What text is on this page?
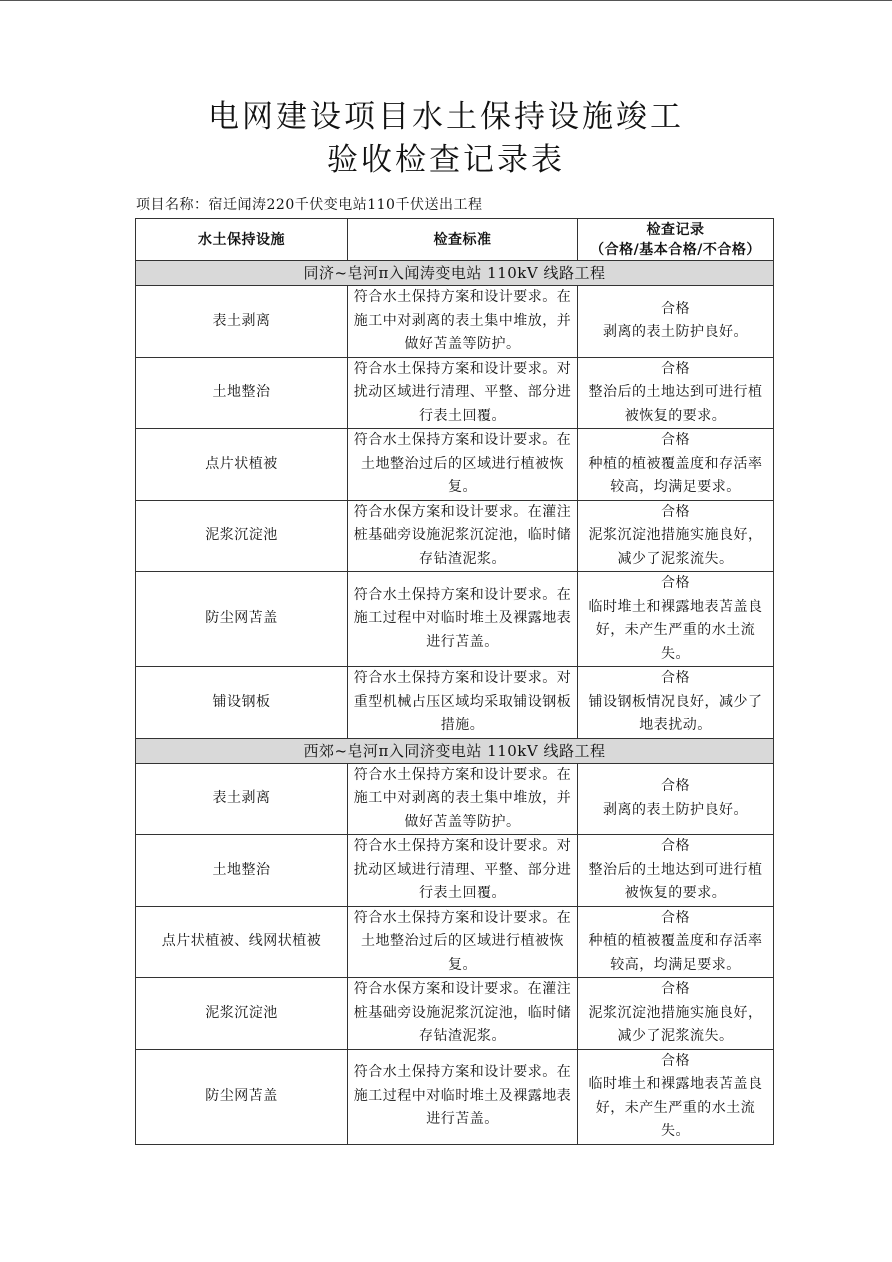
电网建设项目水土保持设施竣工
验收检查记录表
项目名称：宿迁闻涛220千伏变电站110千伏送出工程
水土保持设施	检查标准	检查记录
（合格/基本合格/不合格）

同济~皂河π入闻涛变电站 110kV 线路工程		
表土剥离	符合水土保持方案和设计要求。在施工中对剥离的表土集中堆放，并做好苫盖等防护。	合格
剥离的表土防护良好。
土地整治	符合水土保持方案和设计要求。对扰动区域进行清理、平整、部分进行表土回覆。	合格
整治后的土地达到可进行植被恢复的要求。
点片状植被	符合水土保持方案和设计要求。在土地整治过后的区域进行植被恢复。	合格
种植的植被覆盖度和存活率较高，均满足要求。
泥浆沉淀池	符合水保方案和设计要求。在灌注桩基础旁设施泥浆沉淀池，临时储存钻渣泥浆。	合格
泥浆沉淀池措施实施良好，减少了泥浆流失。
防尘网苫盖	符合水土保持方案和设计要求。在施工过程中对临时堆土及裸露地表进行苫盖。	合格
临时堆土和裸露地表苫盖良好，未产生严重的水土流失。
铺设钢板	符合水土保持方案和设计要求。对重型机械占压区域均采取铺设钢板措施。	合格
铺设钢板情况良好，减少了地表扰动。
西郊~皂河π入同济变电站 110kV 线路工程		
表土剥离	符合水土保持方案和设计要求。在施工中对剥离的表土集中堆放，并做好苫盖等防护。	合格
剥离的表土防护良好。
土地整治	符合水土保持方案和设计要求。对扰动区域进行清理、平整、部分进行表土回覆。	合格
整治后的土地达到可进行植被恢复的要求。
点片状植被、线网状植被	符合水土保持方案和设计要求。在土地整治过后的区域进行植被恢复。	合格
种植的植被覆盖度和存活率较高，均满足要求。
泥浆沉淀池	符合水保方案和设计要求。在灌注桩基础旁设施泥浆沉淀池，临时储存钻渣泥浆。	合格
泥浆沉淀池措施实施良好，减少了泥浆流失。
防尘网苫盖	符合水土保持方案和设计要求。在施工过程中对临时堆土及裸露地表进行苫盖。	合格
临时堆土和裸露地表苫盖良好，未产生严重的水土流失。
